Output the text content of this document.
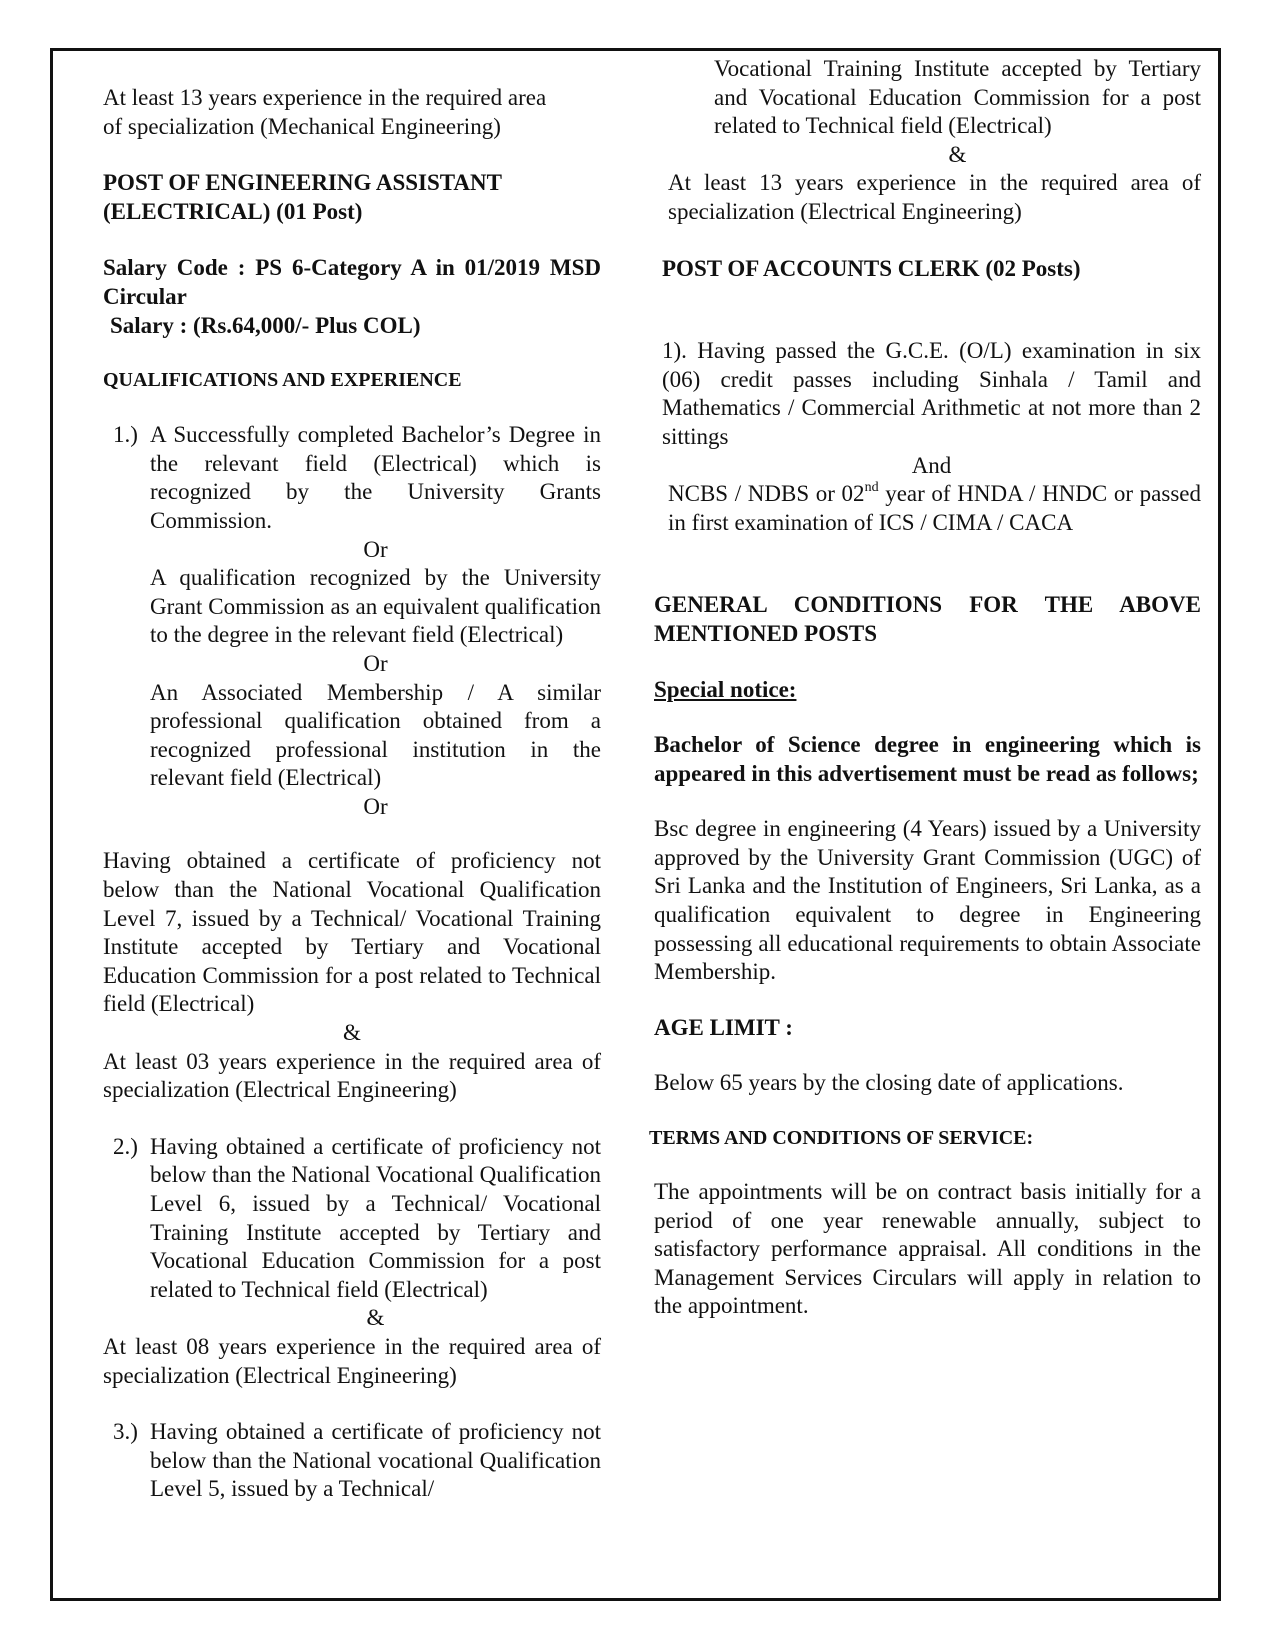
At least 13 years experience in the required area

of specialization (Mechanical Engineering)

POST OF ENGINEERING ASSISTANT

(ELECTRICAL) (01 Post)

Salary Code : PS 6-Category A in 01/2019 MSD Circular

Salary : (Rs.64,000/- Plus COL)

QUALIFICATIONS AND EXPERIENCE

1.) A Successfully completed Bachelor’s Degree in the relevant field (Electrical) which is recognized by the University Grants Commission.

Or

A qualification recognized by the University Grant Commission as an equivalent qualification to the degree in the relevant field (Electrical)

Or

An Associated Membership / A similar professional qualification obtained from a recognized professional institution in the relevant field (Electrical)

Or

Having obtained a certificate of proficiency not below than the National Vocational Qualification Level 7, issued by a Technical/ Vocational Training Institute accepted by Tertiary and Vocational Education Commission for a post related to Technical field (Electrical)

&

At least 03 years experience in the required area of specialization (Electrical Engineering)

2.) Having obtained a certificate of proficiency not below than the National Vocational Qualification Level 6, issued by a Technical/ Vocational Training Institute accepted by Tertiary and Vocational Education Commission for a post related to Technical field (Electrical)

&

At least 08 years experience in the required area of specialization (Electrical Engineering)

3.) Having obtained a certificate of proficiency not below than the National vocational Qualification Level 5, issued by a Technical/

Vocational Training Institute accepted by Tertiary and Vocational Education Commission for a post related to Technical field (Electrical)

&

At least 13 years experience in the required area of specialization (Electrical Engineering)

POST OF ACCOUNTS CLERK (02 Posts)

1). Having passed the G.C.E. (O/L) examination in six (06) credit passes including Sinhala / Tamil and Mathematics / Commercial Arithmetic at not more than 2 sittings

And

NCBS / NDBS or 02nd year of HNDA / HNDC or passed in first examination of ICS / CIMA / CACA

GENERAL CONDITIONS FOR THE ABOVE MENTIONED POSTS

Special notice:

Bachelor of Science degree in engineering which is appeared in this advertisement must be read as follows;

Bsc degree in engineering (4 Years) issued by a University approved by the University Grant Commission (UGC) of Sri Lanka and the Institution of Engineers, Sri Lanka, as a qualification equivalent to degree in Engineering possessing all educational requirements to obtain Associate Membership.

AGE LIMIT :

Below 65 years by the closing date of applications.

TERMS AND CONDITIONS OF SERVICE:

The appointments will be on contract basis initially for a period of one year renewable annually, subject to satisfactory performance appraisal. All conditions in the Management Services Circulars will apply in relation to the appointment.
